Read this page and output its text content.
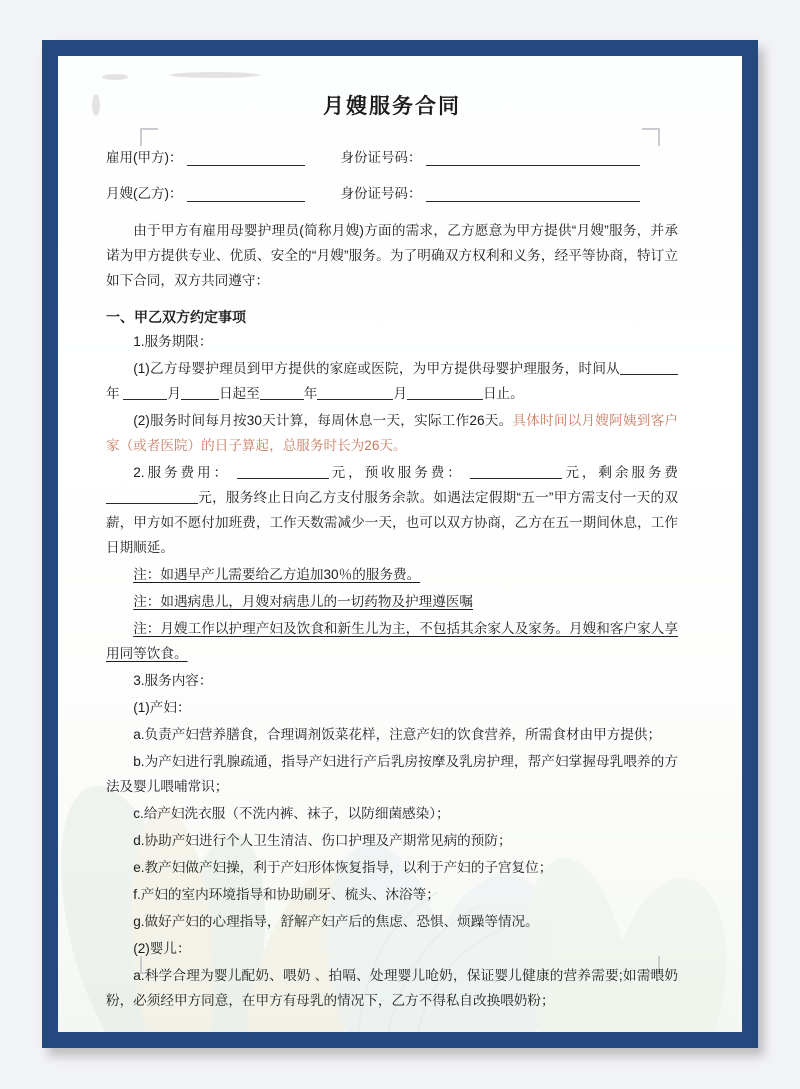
月嫂服务合同
雇用(甲方)：	身份证号码：
月嫂(乙方)：	身份证号码：

由于甲方有雇用母婴护理员(简称月嫂)方面的需求，乙方愿意为甲方提供“月嫂”服务，并承诺为甲方提供专业、优质、安全的“月嫂”服务。为了明确双方权利和义务，经平等协商，特订立如下合同，双方共同遵守：

一、甲乙双方约定事项

1.服务期限：

(1)乙方母婴护理员到甲方提供的家庭或医院，为甲方提供母婴护理服务，时间从年	月	日起至	年	月	日止。

(2)服务时间每月按30天计算，每周休息一天，实际工作26天。具体时间以月嫂阿姨到客户家（或者医院）的日子算起，总服务时长为26天。

2.服务费用：	元，预收服务费：	元，剩余服务费元，服务终止日向乙方支付服务余款。如遇法定假期“五一”甲方需支付一天的双薪，甲方如不愿付加班费，工作天数需减少一天，也可以双方协商，乙方在五一期间休息，工作日期顺延。

注：如遇早产儿需要给乙方追加30％的服务费。

注：如遇病患儿，月嫂对病患儿的一切药物及护理遵医嘱

注：月嫂工作以护理产妇及饮食和新生儿为主，不包括其余家人及家务。月嫂和客户家人享用同等饮食。

3.服务内容：

(1)产妇：

a.负责产妇营养膳食，合理调剂饭菜花样，注意产妇的饮食营养，所需食材由甲方提供；

b.为产妇进行乳腺疏通，指导产妇进行产后乳房按摩及乳房护理，帮产妇掌握母乳喂养的方法及婴儿喂哺常识；

c.给产妇洗衣服（不洗内裤、袜子，以防细菌感染）；

d.协助产妇进行个人卫生清洁、伤口护理及产期常见病的预防；

e.教产妇做产妇操，利于产妇形体恢复指导，以利于产妇的子宫复位；

f.产妇的室内环境指导和协助刷牙、梳头、沐浴等；

g.做好产妇的心理指导，舒解产妇产后的焦虑、恐惧、烦躁等情况。

(2)婴儿：

a.科学合理为婴儿配奶、喂奶 、拍嗝、处理婴儿呛奶，保证婴儿健康的营养需要;如需喂奶粉，必须经甲方同意，在甲方有母乳的情况下，乙方不得私自改换喂奶粉；
